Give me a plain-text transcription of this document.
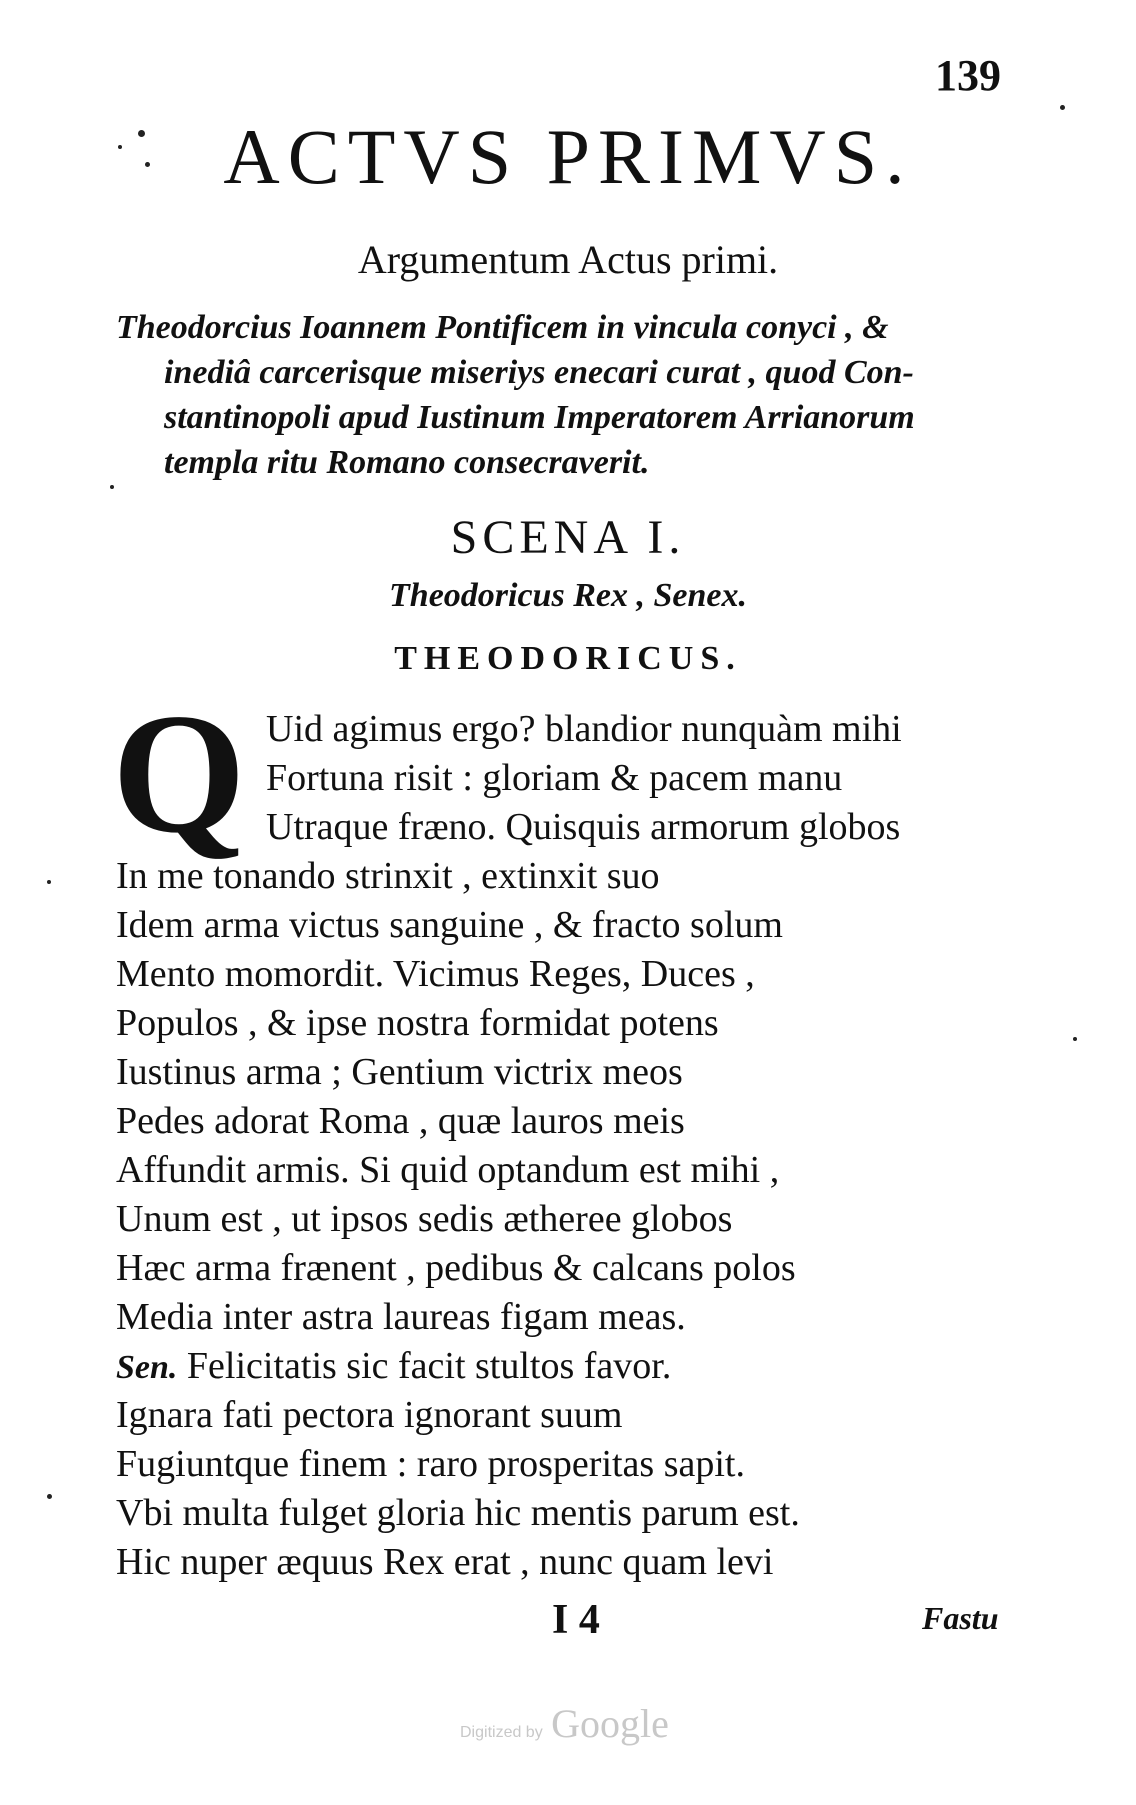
139
ACTVS PRIMVS.
Argumentum Actus primi.
Theodorcius Ioannem Pontificem in vincula conyci , &
inediâ carcerisque miseriys enecari curat , quod Con-
stantinopoli apud Iustinum Imperatorem Arrianorum
templa ritu Romano consecraverit.
SCENA I.
Theodoricus Rex , Senex.
THEODORICUS.
Q Uid agimus ergo? blandior nunquàm mihi
Fortuna risit : gloriam & pacem manu
Utraque fræno. Quisquis armorum globos
In me tonando strinxit , extinxit suo
Idem arma victus sanguine , & fracto solum
Mento momordit. Vicimus Reges, Duces ,
Populos , & ipse nostra formidat potens
Iustinus arma ; Gentium victrix meos
Pedes adorat Roma , quæ lauros meis
Affundit armis. Si quid optandum est mihi ,
Unum est , ut ipsos sedis ætheree globos
Hæc arma frænent , pedibus & calcans polos
Media inter astra laureas figam meas.
Sen. Felicitatis sic facit stultos favor.
Ignara fati pectora ignorant suum
Fugiuntque finem : raro prosperitas sapit.
Vbi multa fulget gloria hic mentis parum est.
Hic nuper æquus Rex erat , nunc quam levi
I 4	Fastu
Digitized by Google
